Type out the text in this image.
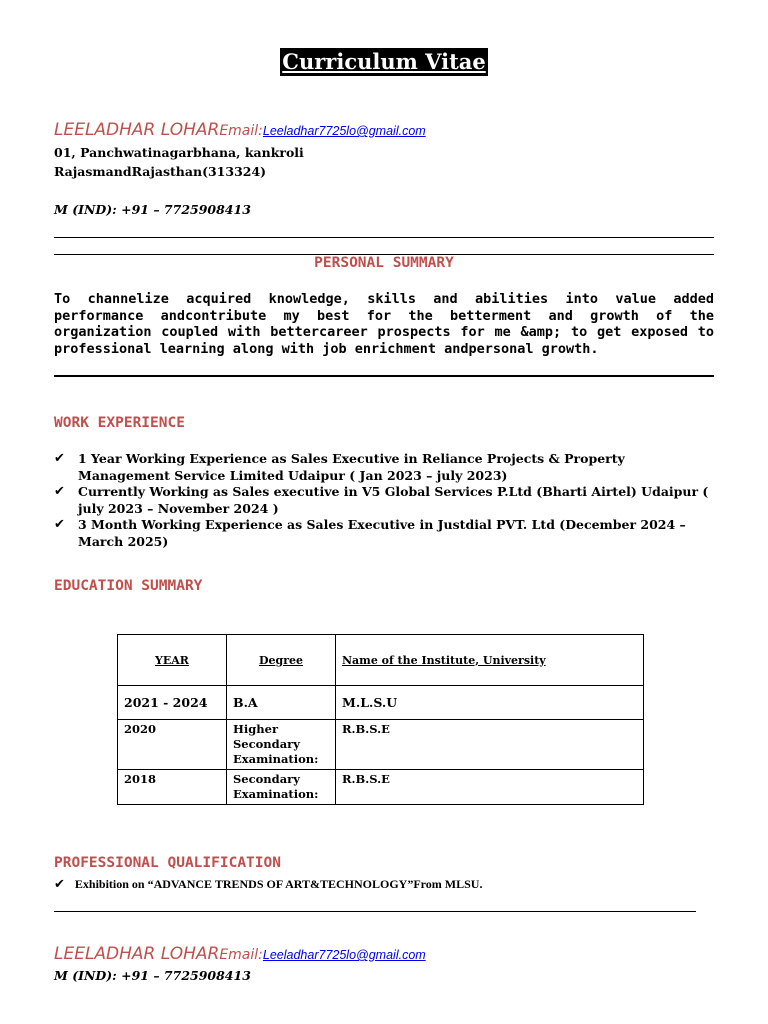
Curriculum Vitae
LEELADHAR LOHAREmail:Leeladhar7725lo@gmail.com
01, Panchwatinagarbhana, kankroli
RajasmandRajasthan(313324)
M (IND): +91 – 7725908413
PERSONAL SUMMARY
To channelize acquired knowledge, skills and abilities into value added performance andcontribute my best for the betterment and growth of the organization coupled with bettercareer prospects for me &amp; to get exposed to professional learning along with job enrichment andpersonal growth.
WORK EXPERIENCE
✔ 1 Year Working Experience as Sales Executive in Reliance Projects & Property Management Service Limited Udaipur ( Jan 2023 – july 2023)
✔ Currently Working as Sales executive in V5 Global Services P.Ltd (Bharti Airtel) Udaipur ( july 2023 – November 2024 )
✔ 3 Month Working Experience as Sales Executive in Justdial PVT. Ltd (December 2024 – March 2025)
EDUCATION SUMMARY
YEAR	Degree	Name of the Institute, University
2021 - 2024	B.A	M.L.S.U
2020	Higher Secondary Examination:	R.B.S.E
2018	Secondary Examination:	R.B.S.E
PROFESSIONAL QUALIFICATION
✔ Exhibition on “ADVANCE TRENDS OF ART&TECHNOLOGY”From MLSU.
LEELADHAR LOHAREmail:Leeladhar7725lo@gmail.com
M (IND): +91 – 7725908413
